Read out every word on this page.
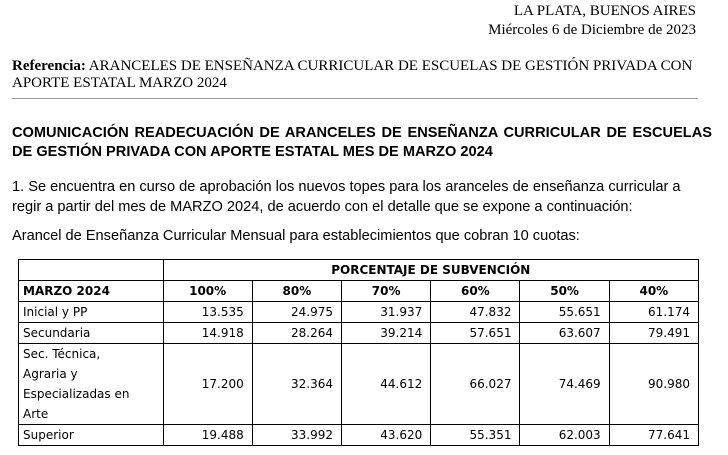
LA PLATA, BUENOS AIRES
Miércoles 6 de Diciembre de 2023
Referencia: ARANCELES DE ENSEÑANZA CURRICULAR DE ESCUELAS DE GESTIÓN PRIVADA CON APORTE ESTATAL MARZO 2024
COMUNICACIÓN READECUACIÓN DE ARANCELES DE ENSEÑANZA CURRICULAR DE ESCUELAS DE GESTIÓN PRIVADA CON APORTE ESTATAL MES DE MARZO 2024
1. Se encuentra en curso de aprobación los nuevos topes para los aranceles de enseñanza curricular a regir a partir del mes de MARZO 2024, de acuerdo con el detalle que se expone a continuación:
Arancel de Enseñanza Curricular Mensual para establecimientos que cobran 10 cuotas:
	PORCENTAJE DE SUBVENCIÓN					
MARZO 2024	100%	80%	70%	60%	50%	40%
Inicial y PP	13.535	24.975	31.937	47.832	55.651	61.174
Secundaria	14.918	28.264	39.214	57.651	63.607	79.491

Sec. Técnica,
Agraria y
Especializadas en
Arte	17.200	32.364	44.612	66.027	74.469	90.980
Superior	19.488	33.992	43.620	55.351	62.003	77.641
